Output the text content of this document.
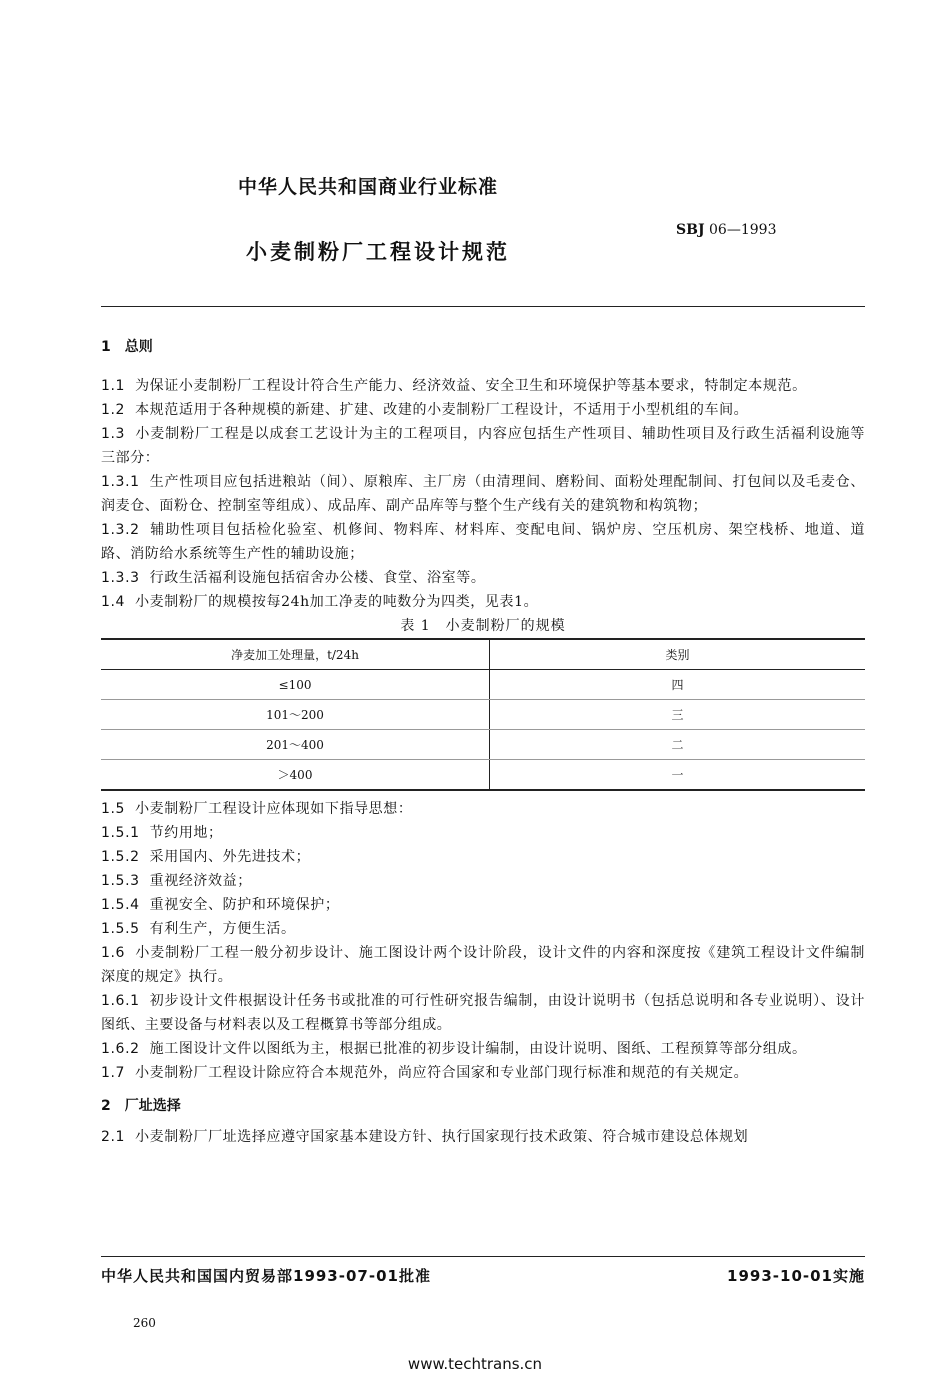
中华人民共和国商业行业标准
SBJ 06—1993
小麦制粉厂工程设计规范
1　总则
1.1 为保证小麦制粉厂工程设计符合生产能力、经济效益、安全卫生和环境保护等基本要求，特制定本规范。
1.2 本规范适用于各种规模的新建、扩建、改建的小麦制粉厂工程设计，不适用于小型机组的车间。
1.3 小麦制粉厂工程是以成套工艺设计为主的工程项目，内容应包括生产性项目、辅助性项目及行政生活福利设施等三部分：
1.3.1 生产性项目应包括进粮站（间）、原粮库、主厂房（由清理间、磨粉间、面粉处理配制间、打包间以及毛麦仓、润麦仓、面粉仓、控制室等组成）、成品库、副产品库等与整个生产线有关的建筑物和构筑物；
1.3.2 辅助性项目包括检化验室、机修间、物料库、材料库、变配电间、锅炉房、空压机房、架空栈桥、地道、道路、消防给水系统等生产性的辅助设施；
1.3.3 行政生活福利设施包括宿舍办公楼、食堂、浴室等。
1.4 小麦制粉厂的规模按每24h加工净麦的吨数分为四类，见表1。
表 1　小麦制粉厂的规模
净麦加工处理量，t/24h	类别
≤100	四
101～200	三
201～400	二
＞400	一
1.5 小麦制粉厂工程设计应体现如下指导思想：
1.5.1 节约用地；
1.5.2 采用国内、外先进技术；
1.5.3 重视经济效益；
1.5.4 重视安全、防护和环境保护；
1.5.5 有利生产，方便生活。
1.6 小麦制粉厂工程一般分初步设计、施工图设计两个设计阶段，设计文件的内容和深度按《建筑工程设计文件编制深度的规定》执行。
1.6.1 初步设计文件根据设计任务书或批准的可行性研究报告编制，由设计说明书（包括总说明和各专业说明）、设计图纸、主要设备与材料表以及工程概算书等部分组成。
1.6.2 施工图设计文件以图纸为主，根据已批准的初步设计编制，由设计说明、图纸、工程预算等部分组成。
1.7 小麦制粉厂工程设计除应符合本规范外，尚应符合国家和专业部门现行标准和规范的有关规定。
2　厂址选择
2.1 小麦制粉厂厂址选择应遵守国家基本建设方针、执行国家现行技术政策、符合城市建设总体规划
中华人民共和国国内贸易部1993-07-01批准	1993-10-01实施
260
www.techtrans.cn
